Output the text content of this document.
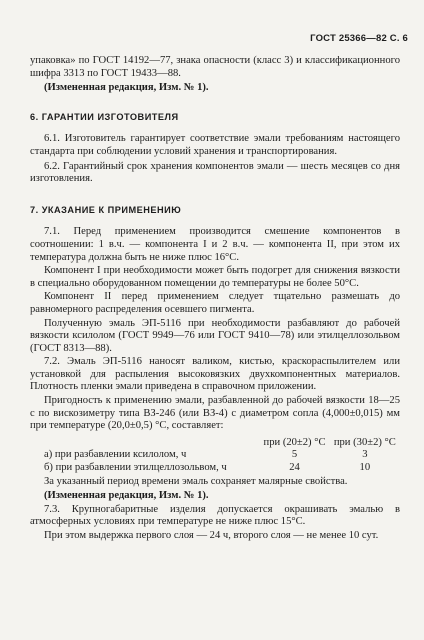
ГОСТ 25366—82 С. 6

упаковка» по ГОСТ 14192—77, знака опасности (класс 3) и классификационного шифра 3313 по ГОСТ 19433—88.

(Измененная редакция, Изм. № 1).

6. ГАРАНТИИ ИЗГОТОВИТЕЛЯ

6.1. Изготовитель гарантирует соответствие эмали требованиям настоящего стандарта при соблюдении условий хранения и транспортирования.

6.2. Гарантийный срок хранения компонентов эмали — шесть месяцев со дня изготовления.

7. УКАЗАНИЕ К ПРИМЕНЕНИЮ

7.1. Перед применением производится смешение компонентов в соотношении: 1 в.ч. — компонента I и 2 в.ч. — компонента II, при этом их температура должна быть не ниже плюс 16°С.

Компонент I при необходимости может быть подогрет для снижения вязкости в специально оборудованном помещении до температуры не более 50°С.

Компонент II перед применением следует тщательно размешать до равномерного распределения осевшего пигмента.

Полученную эмаль ЭП-5116 при необходимости разбавляют до рабочей вязкости ксилолом (ГОСТ 9949—76 или ГОСТ 9410—78) или этилцеллозольвом (ГОСТ 8313—88).

7.2. Эмаль ЭП-5116 наносят валиком, кистью, краскораспылителем или установкой для распыления высоковязких двухкомпонентных материалов. Плотность пленки эмали приведена в справочном приложении.

Пригодность к применению эмали, разбавленной до рабочей вязкости 18—25 с по вискозиметру типа ВЗ-246 (или ВЗ-4) с диаметром сопла (4,000±0,015) мм при температуре (20,0±0,5) °С, составляет:

	при (20±2) °С	при (30±2) °С
а) при разбавлении ксилолом, ч	5	3
б) при разбавлении этилцеллозольвом, ч	24	10

За указанный период времени эмаль сохраняет малярные свойства.

(Измененная редакция, Изм. № 1).

7.3. Крупногабаритные изделия допускается окрашивать эмалью в атмосферных условиях при температуре не ниже плюс 15°С.

При этом выдержка первого слоя — 24 ч, второго слоя — не менее 10 сут.
